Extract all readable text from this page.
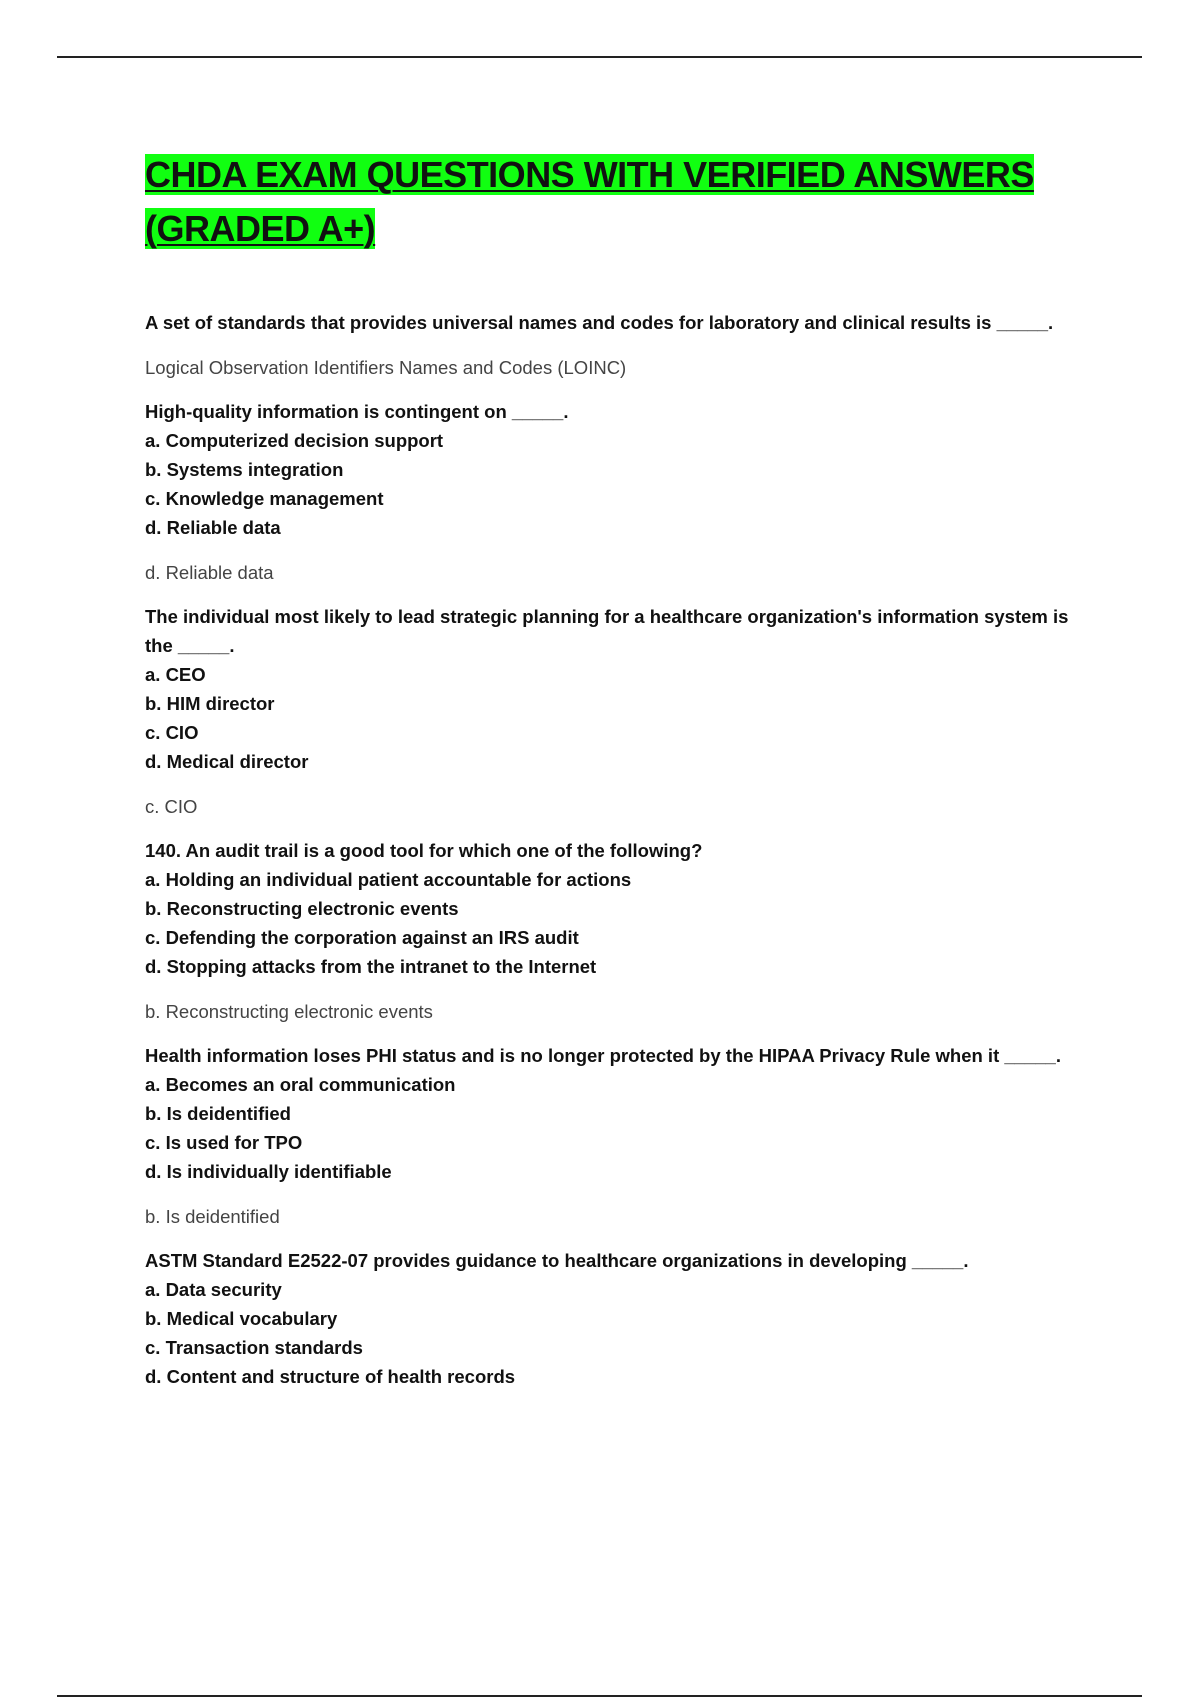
CHDA EXAM QUESTIONS WITH VERIFIED ANSWERS (GRADED A+)

A set of standards that provides universal names and codes for laboratory and clinical results is _____.

Logical Observation Identifiers Names and Codes (LOINC)

High-quality information is contingent on _____.

a. Computerized decision support

b. Systems integration

c. Knowledge management

d. Reliable data

d. Reliable data

The individual most likely to lead strategic planning for a healthcare organization's information system is the _____.

a. CEO

b. HIM director

c. CIO

d. Medical director

c. CIO

140. An audit trail is a good tool for which one of the following?

a. Holding an individual patient accountable for actions

b. Reconstructing electronic events

c. Defending the corporation against an IRS audit

d. Stopping attacks from the intranet to the Internet

b. Reconstructing electronic events

Health information loses PHI status and is no longer protected by the HIPAA Privacy Rule when it _____.

a. Becomes an oral communication

b. Is deidentified

c. Is used for TPO

d. Is individually identifiable

b. Is deidentified

ASTM Standard E2522-07 provides guidance to healthcare organizations in developing _____.

a. Data security

b. Medical vocabulary

c. Transaction standards

d. Content and structure of health records
